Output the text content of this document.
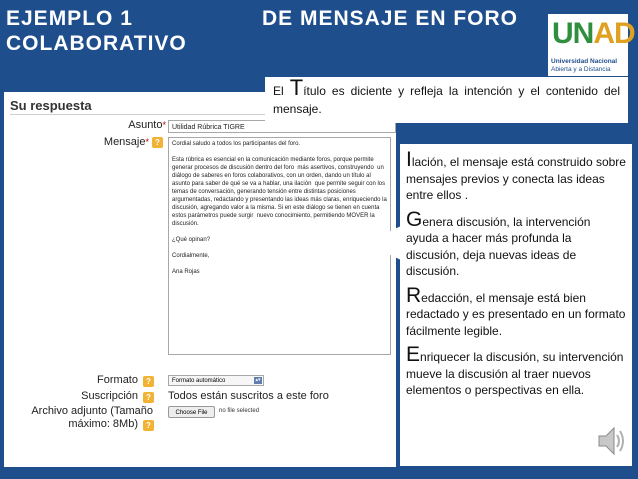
EJEMPLO 1	DE MENSAJE EN FORO
COLABORATIVO	UNAD
Universidad Nacional
Abierta y a Distancia
Su respuesta
Asunto* Utilidad Rúbrica TIGRE
Mensaje* ?	Cordial saludo a todos los participantes del foro.

Esta rúbrica es esencial en la comunicación mediante foros, porque permite generar procesos de discusión dentro del foro  más asertivos, construyendo  un diálogo de saberes en foros colaborativos, con un orden, dando un título al asunto para saber de qué se va a hablar, una ilación  que permite seguir con los temas de conversación, generando tensión entre distintas posiciones argumentadas, redactando y presentando las ideas más claras, enriqueciendo la discusión, agregando valor a la misma. Si en este diálogo se tienen en cuenta estos parámetros puede surgir  nuevo conocimiento, permitiendo MOVER la discusión.

¿Qué opinan?

Cordialmente,

Ana Rojas
Formato	?	Formato automático	▴▾
Suscripción	? Todos están suscritos a este foro
Archivo adjunto (Tamaño
máximo: 8Mb)	?
Choose File	no file selected
El Título es diciente y refleja la intención y el contenido del mensaje.

Ilación, el mensaje está construido sobre mensajes previos y conecta las ideas entre ellos .

Genera discusión, la intervención ayuda a hacer más profunda la discusión, deja nuevas ideas de discusión.

Redacción, el mensaje está bien redactado y es presentado en un formato fácilmente legible.

Enriquecer la discusión, su intervención mueve la discusión al traer nuevos elementos o perspectivas en ella.
